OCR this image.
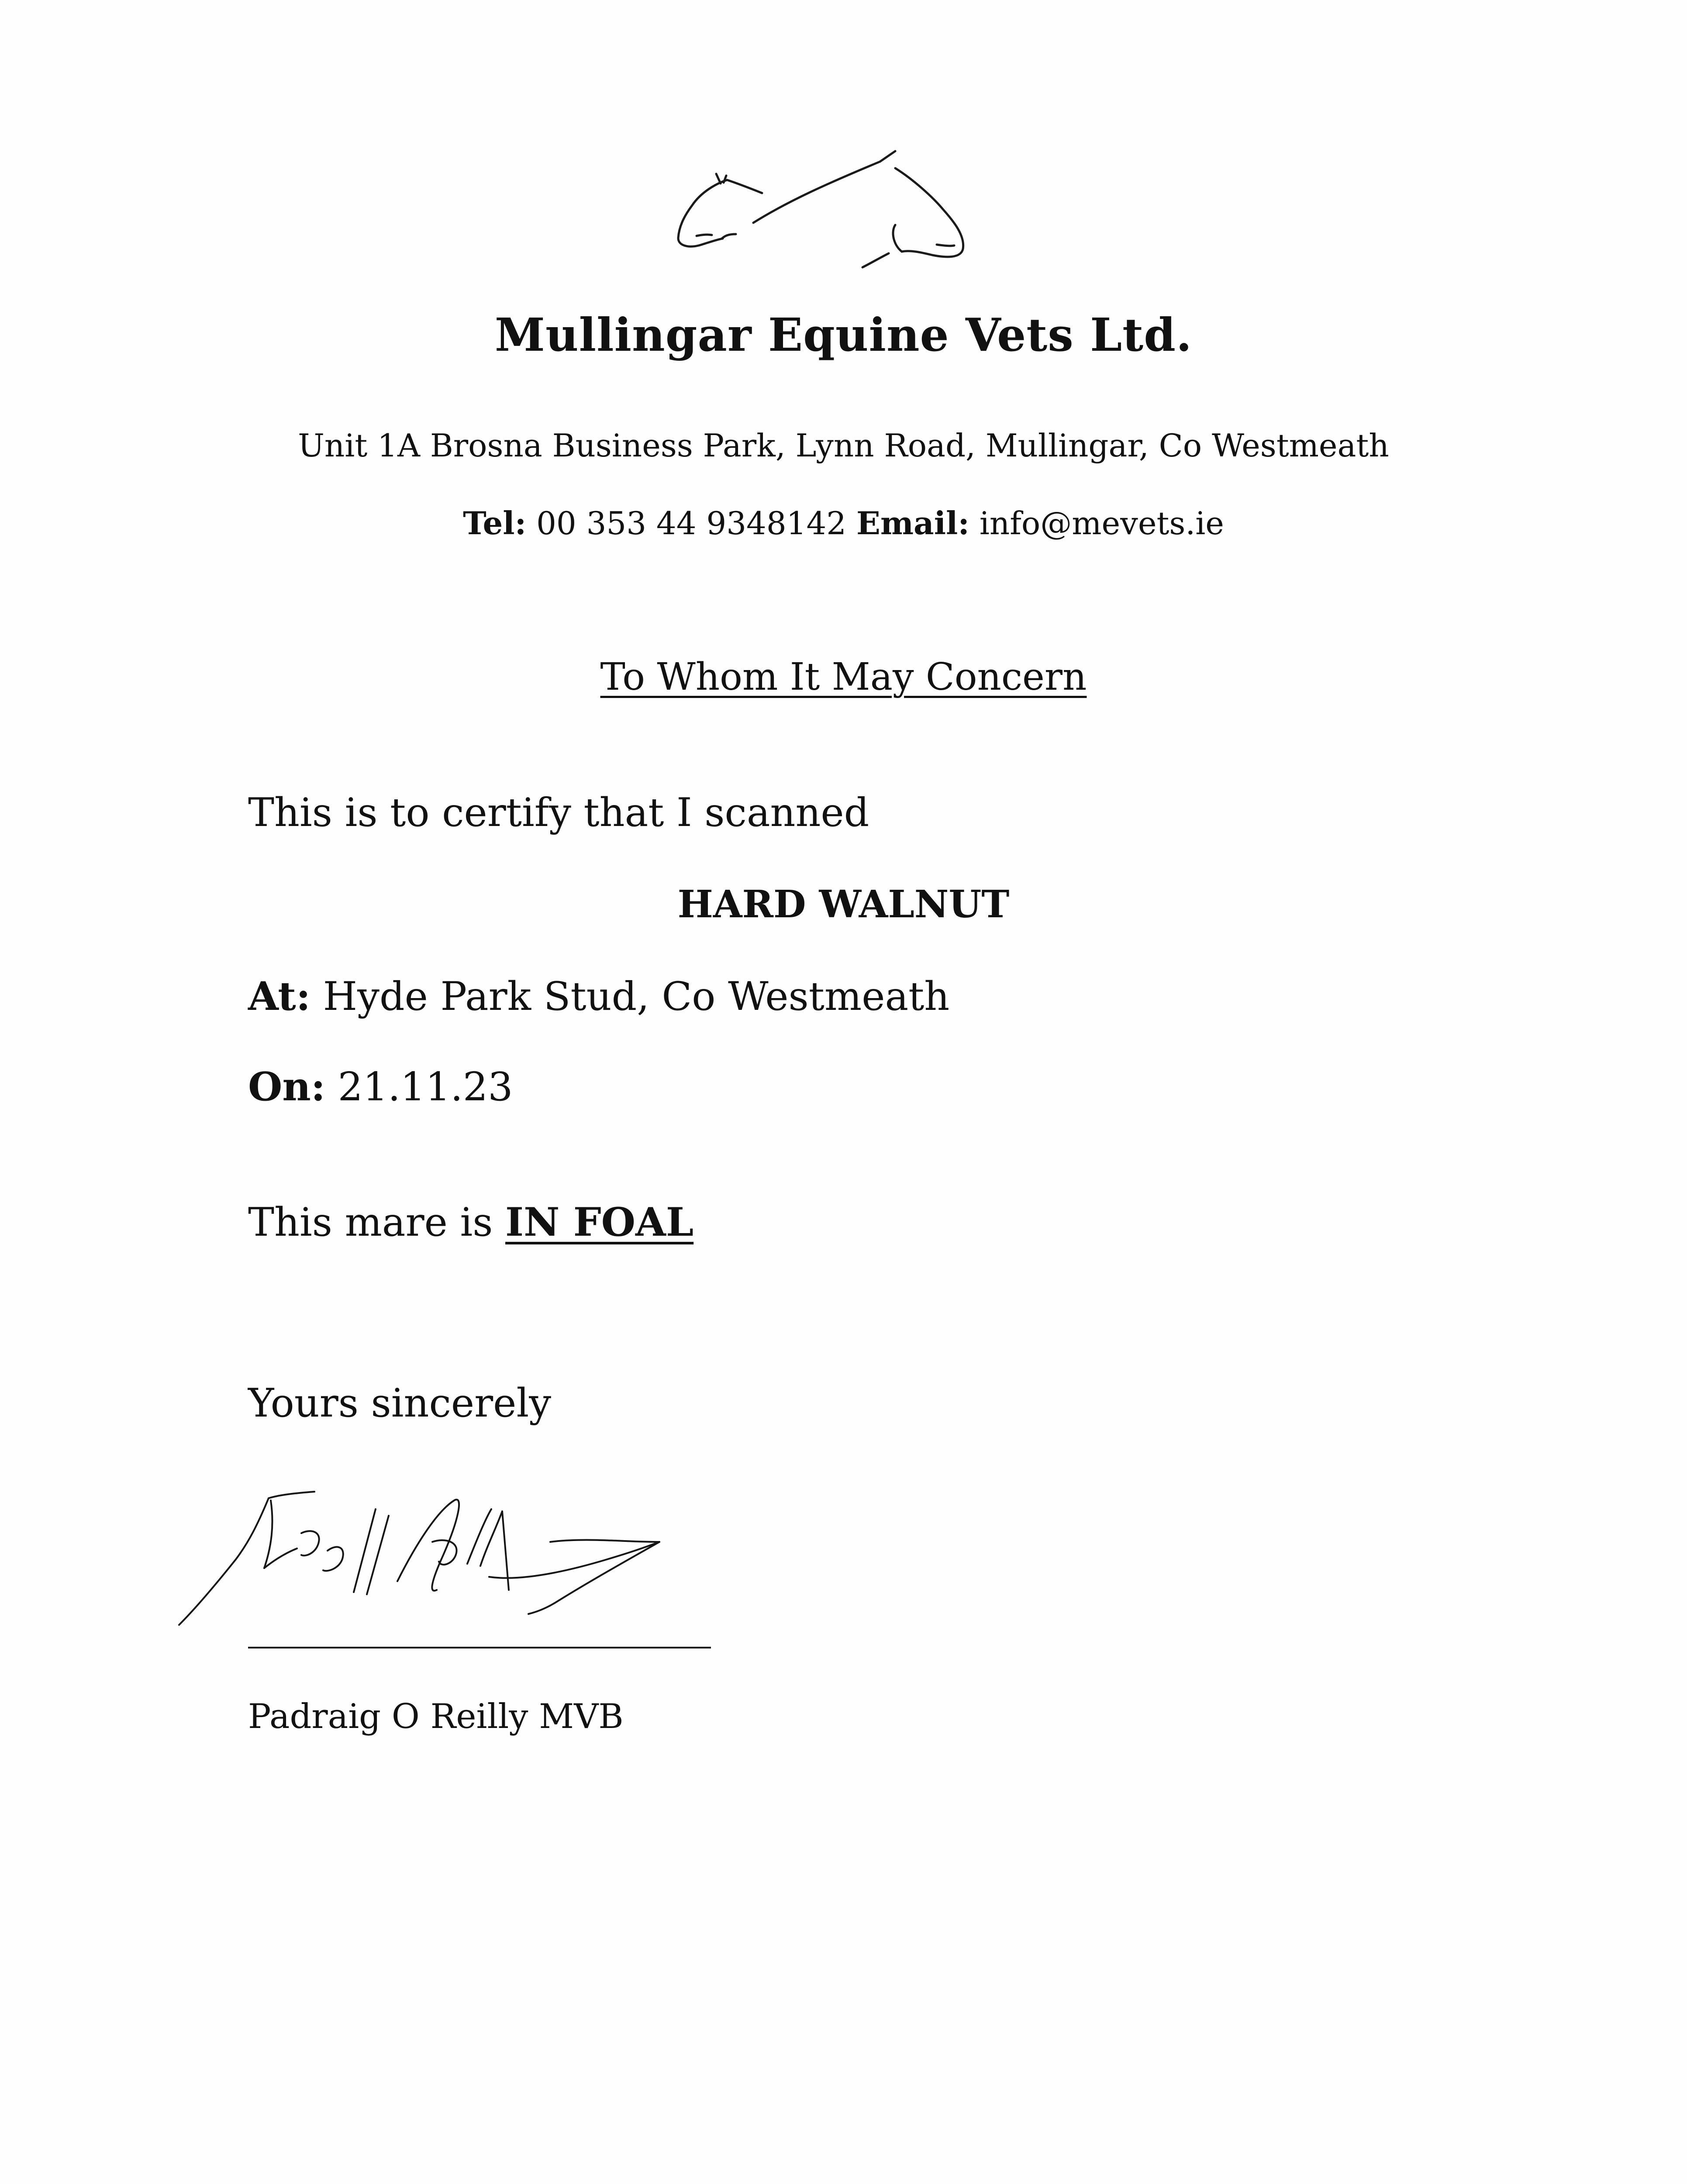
Mullingar Equine Vets Ltd.
Unit 1A Brosna Business Park, Lynn Road, Mullingar, Co Westmeath
Tel: 00 353 44 9348142 Email: info@mevets.ie
To Whom It May Concern
This is to certify that I scanned
HARD WALNUT
At: Hyde Park Stud, Co Westmeath
On: 21.11.23
This mare is IN FOAL
Yours sincerely
Padraig O Reilly MVB
